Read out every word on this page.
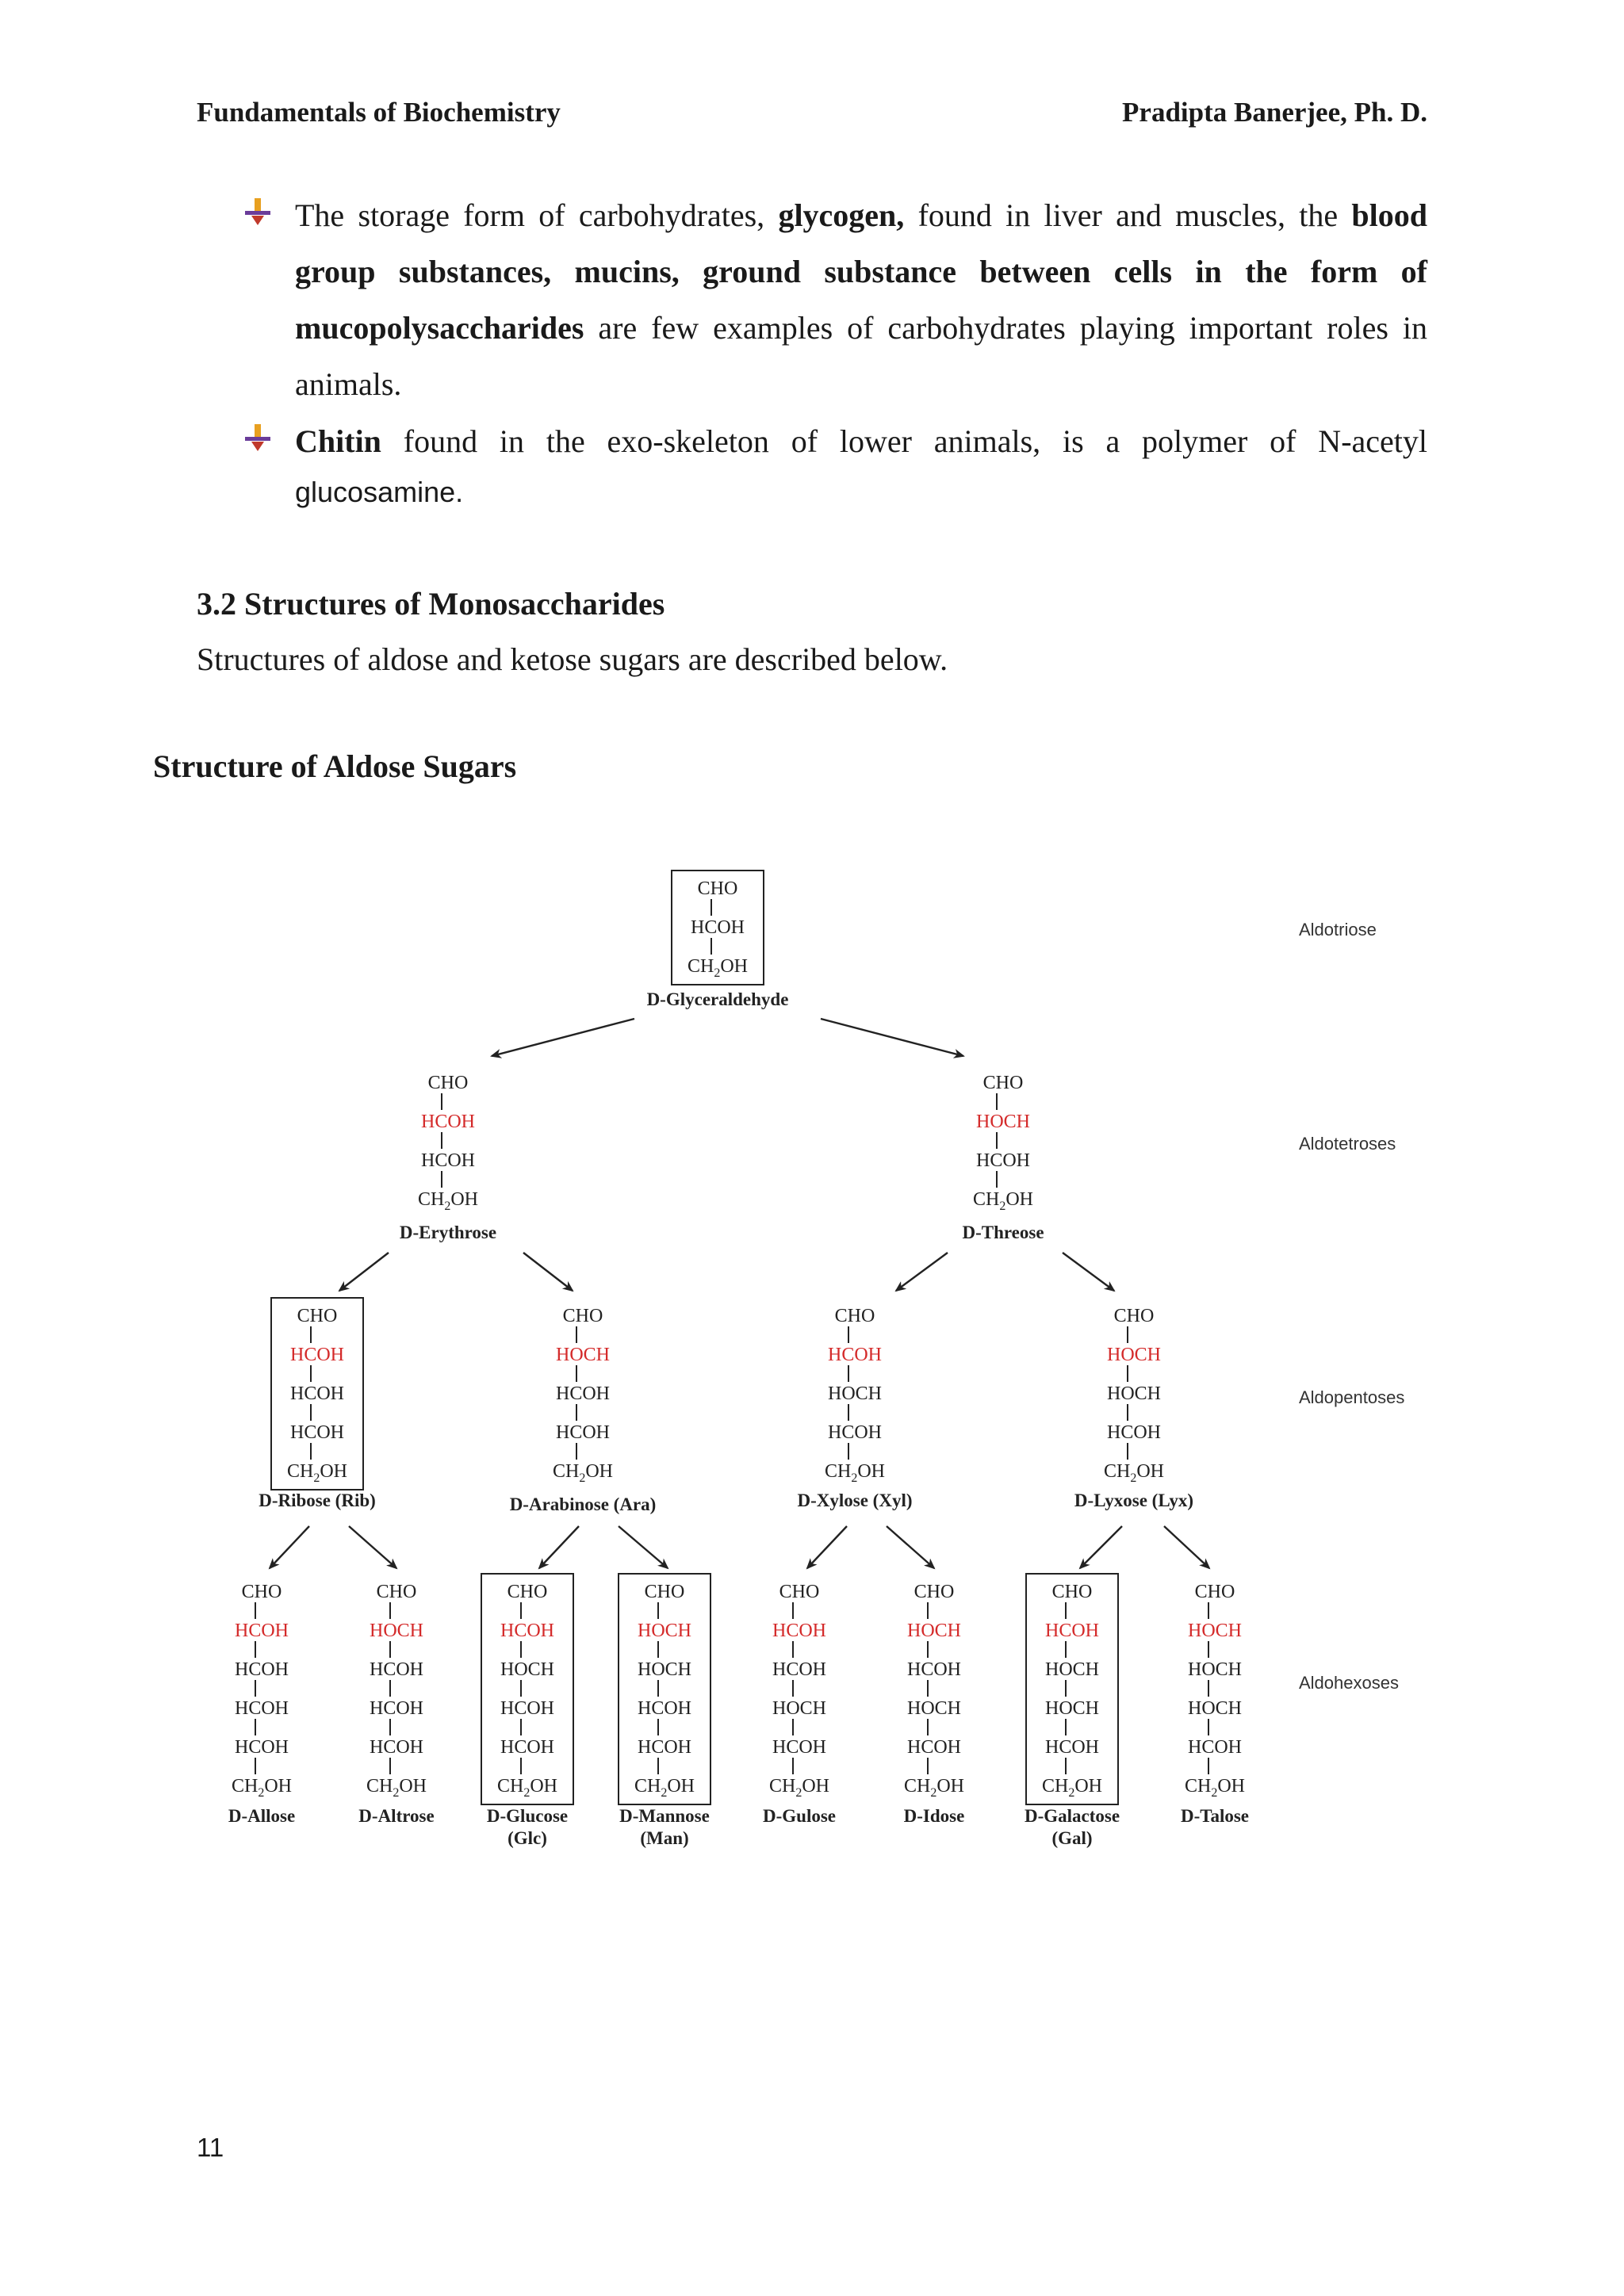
Fundamentals of Biochemistry	Pradipta Banerjee, Ph. D.
The storage form of carbohydrates, glycogen, found in liver and muscles, the blood group substances, mucins, ground substance between cells in the form of mucopolysaccharides are few examples of carbohydrates playing important roles in animals.
Chitin found in the exo-skeleton of lower animals, is a polymer of N-acetyl
glucosamine.
3.2 Structures of Monosaccharides
Structures of aldose and ketose sugars are described below.
Structure of Aldose Sugars
CHO
HCOH
$CH_2OH$
D-Glyceraldehyde
CHO
HCOH
HCOH
$CH_2OH$
D-Erythrose
CHO
HOCH
HCOH
$CH_2OH$
D-Threose
CHO
HCOH
HCOH
HCOH
$CH_2OH$
D-Ribose (Rib)
CHO
HOCH
HCOH
HCOH
$CH_2OH$
D-Arabinose (Ara)
CHO
HCOH
HOCH
HCOH
$CH_2OH$
D-Xylose (Xyl)
CHO
HOCH
HOCH
HCOH
$CH_2OH$
D-Lyxose (Lyx)
CHO
HCOH
HCOH
HCOH
HCOH
$CH_2OH$
D-Allose
CHO
HOCH
HCOH
HCOH
HCOH
$CH_2OH$
D-Altrose
CHO
HCOH
HOCH
HCOH
HCOH
$CH_2OH$
D-Glucose
(Glc)
CHO
HOCH
HOCH
HCOH
HCOH
$CH_2OH$
D-Mannose
(Man)
CHO
HCOH
HCOH
HOCH
HCOH
$CH_2OH$
D-Gulose
CHO
HOCH
HCOH
HOCH
HCOH
$CH_2OH$
D-Idose
CHO
HCOH
HOCH
HOCH
HCOH
$CH_2OH$
D-Galactose
(Gal)
CHO
HOCH
HOCH
HOCH
HCOH
$CH_2OH$
D-Talose
Aldotriose
Aldotetroses
Aldopentoses
Aldohexoses
11
